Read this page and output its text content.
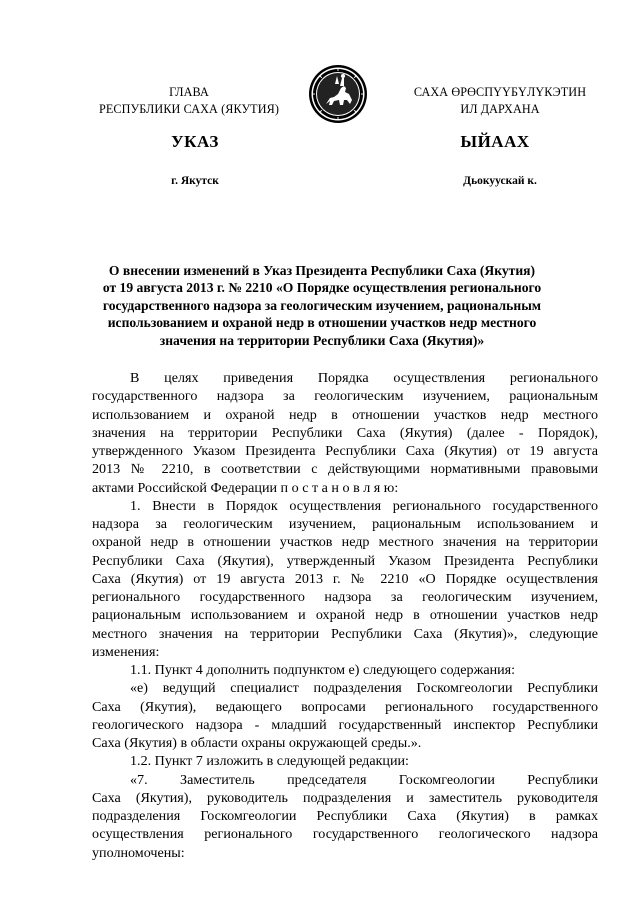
ГЛАВА
РЕСПУБЛИКИ САХА (ЯКУТИЯ)
САХА ӨРӨСПҮҮБҮЛҮКЭТИН
ИЛ ДАРХАНА
УКАЗ	ЫЙААХ
г. Якутск	Дьокуускай к.
О внесении изменений в Указ Президента Республики Саха (Якутия)
от 19 августа 2013 г. № 2210 «О Порядке осуществления регионального
государственного надзора за геологическим изучением, рациональным
использованием и охраной недр в отношении участков недр местного
значения на территории Республики Саха (Якутия)»
В целях приведения Порядка осуществления регионального
государственного надзора за геологическим изучением, рациональным
использованием и охраной недр в отношении участков недр местного
значения на территории Республики Саха (Якутия) (далее - Порядок),
утвержденного Указом Президента Республики Саха (Якутия) от 19 августа
2013 № 2210, в соответствии с действующими нормативными правовыми
актами Российской Федерации п о с т а н о в л я ю:
1. Внести в Порядок осуществления регионального государственного
надзора за геологическим изучением, рациональным использованием и
охраной недр в отношении участков недр местного значения на территории
Республики Саха (Якутия), утвержденный Указом Президента Республики
Саха (Якутия) от 19 августа 2013 г. № 2210 «О Порядке осуществления
регионального государственного надзора за геологическим изучением,
рациональным использованием и охраной недр в отношении участков недр
местного значения на территории Республики Саха (Якутия)», следующие
изменения:
1.1. Пункт 4 дополнить подпунктом е) следующего содержания:
«е) ведущий специалист подразделения Госкомгеологии Республики
Саха (Якутия), ведающего вопросами регионального государственного
геологического надзора - младший государственный инспектор Республики
Саха (Якутия) в области охраны окружающей среды.».
1.2. Пункт 7 изложить в следующей редакции:
«7. Заместитель председателя Госкомгеологии Республики
Саха (Якутия), руководитель подразделения и заместитель руководителя
подразделения Госкомгеологии Республики Саха (Якутия) в рамках
осуществления регионального государственного геологического надзора
уполномочены:
